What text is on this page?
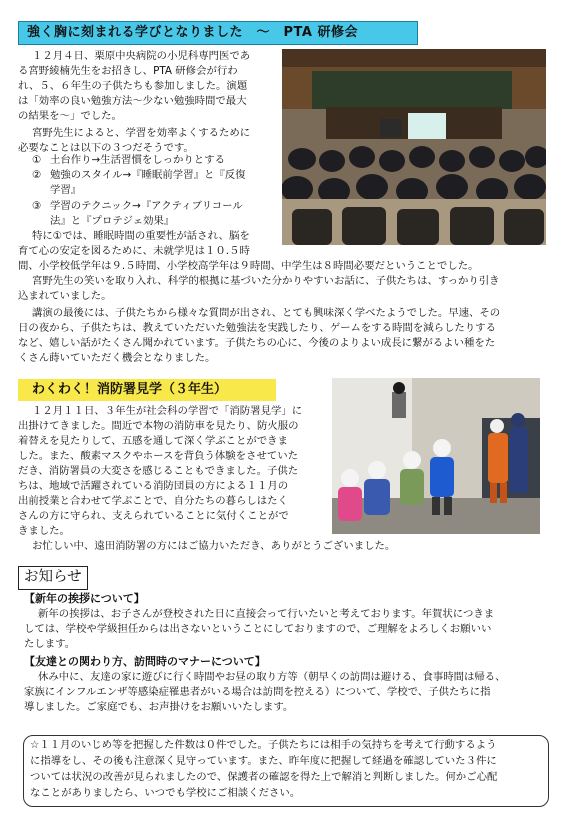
強く胸に刻まれる学びとなりました　～　PTA 研修会
１２月４日、栗原中央病院の小児科専門医であ
る宮野綾楠先生をお招きし、PTA 研修会が行わ
れ、５、６年生の子供たちも参加しました。演題
は「効率の良い勉強方法～少ない勉強時間で最大
の結果を～」でした。
宮野先生によると、学習を効率よくするために
必要なことは以下の３つだそうです。
① 土台作り→生活習慣をしっかりとする
② 勉強のスタイル→『睡眠前学習』と『反復
学習』
③ 学習のテクニック→『アクティブリコール
法』と『プロテジェ効果』
特に①では、睡眠時間の重要性が話され、脳を
育て心の安定を図るために、未就学児は１０.５時
間、小学校低学年は９.５時間、小学校高学年は９時間、中学生は８時間必要だということでした。
宮野先生の笑いを取り入れ、科学的根拠に基づいた分かりやすいお話に、子供たちは、すっかり引き
込まれていました。
講演の最後には、子供たちから様々な質問が出され、とても興味深く学べたようでした。早速、その
日の夜から、子供たちは、教えていただいた勉強法を実践したり、ゲームをする時間を減らしたりする
など、嬉しい話がたくさん聞かれています。子供たちの心に、今後のよりよい成長に繋がるよい種をた
くさん蒔いていただく機会となりました。
わくわく！消防署見学（３年生）
１２月１１日、３年生が社会科の学習で「消防署見学」に
出掛けてきました。間近で本物の消防車を見たり、防火服の
着替えを見たりして、五感を通して深く学ぶことができま
した。また、酸素マスクやホースを背負う体験をさせていた
だき、消防署員の大変さを感じることもできました。子供た
ちは、地域で活躍されている消防団員の方による１１月の
出前授業と合わせて学ぶことで、自分たちの暮らしはたく
さんの方に守られ、支えられていることに気付くことがで
きました。
お忙しい中、遠田消防署の方にはご協力いただき、ありがとうございました。
お知らせ
【新年の挨拶について】
新年の挨拶は、お子さんが登校された日に直接会って行いたいと考えております。年賀状につきま
しては、学校や学級担任からは出さないということにしておりますので、ご理解をよろしくお願いい
たします。
【友達との関わり方、訪問時のマナーについて】
休み中に、友達の家に遊びに行く時間やお昼の取り方等（朝早くの訪問は避ける、食事時間は帰る、
家族にインフルエンザ等感染症罹患者がいる場合は訪問を控える）について、学校で、子供たちに指
導しました。ご家庭でも、お声掛けをお願いいたします。
☆１１月のいじめ等を把握した件数は０件でした。子供たちには相手の気持ちを考えて行動するよう
に指導をし、その後も注意深く見守っています。また、昨年度に把握して経過を確認していた３件に
ついては状況の改善が見られましたので、保護者の確認を得た上で解消と判断しました。何かご心配
なことがありましたら、いつでも学校にご相談ください。
